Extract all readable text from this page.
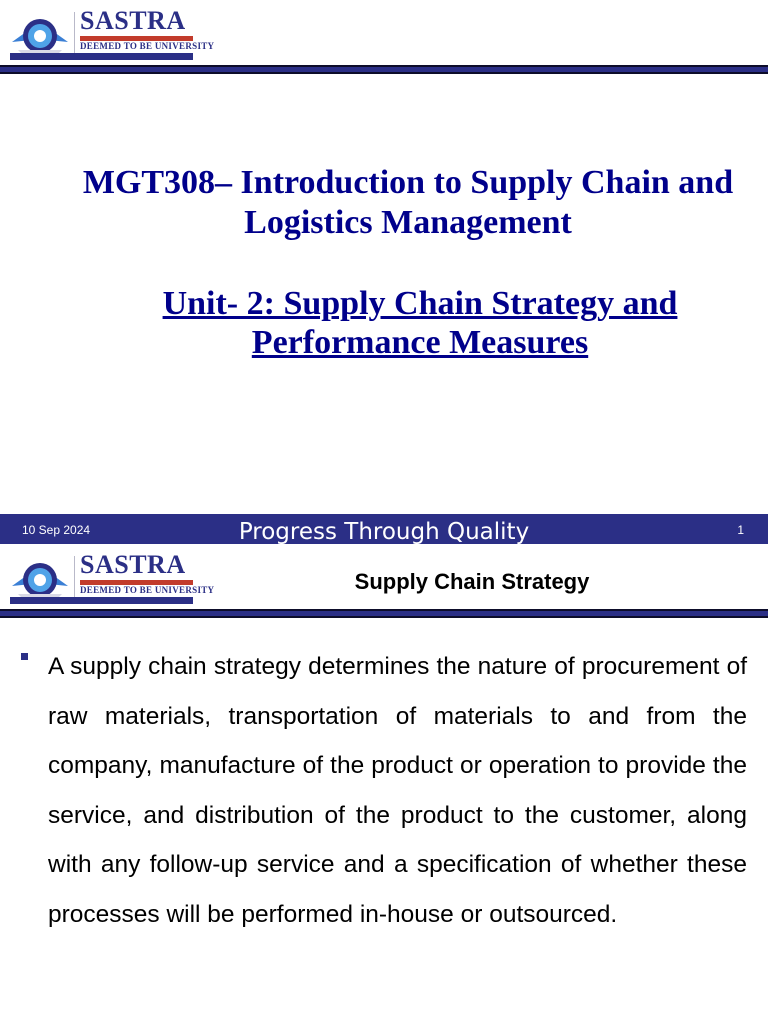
SASTRA
DEEMED TO BE UNIVERSITY
THINK MERIT · THINK TRANSPARENCY · THINK SASTRA
MGT308– Introduction to Supply Chain and Logistics Management
Unit- 2: Supply Chain Strategy and Performance Measures
10 Sep 2024	Progress Through Quality	1
SASTRA
DEEMED TO BE UNIVERSITY
THINK MERIT · THINK TRANSPARENCY · THINK SASTRA
Supply Chain Strategy

A supply chain strategy determines the nature of procurement of raw materials, transportation of materials to and from the company, manufacture of the product or operation to provide the service, and distribution of the product to the customer, along with any follow-up service and a specification of whether these processes will be performed in-house or outsourced.
